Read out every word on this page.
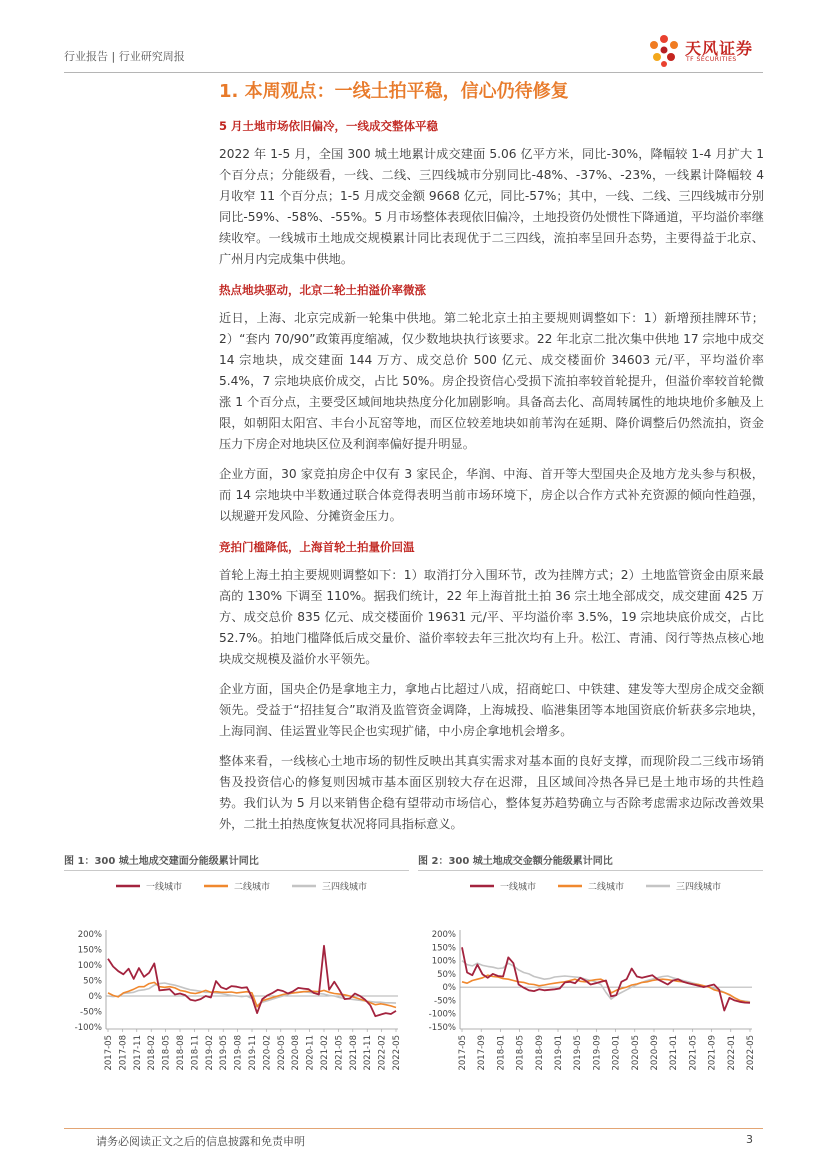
行业报告 | 行业研究周报	天风证券
TF SECURITIES
1. 本周观点：一线土拍平稳，信心仍待修复
5 月土地市场依旧偏冷，一线成交整体平稳

2022 年 1-5 月，全国 300 城土地累计成交建面 5.06 亿平方米，同比-30%，降幅较 1-4 月扩大 1 个百分点；分能级看，一线、二线、三四线城市分别同比-48%、-37%、-23%，一线累计降幅较 4 月收窄 11 个百分点；1-5 月成交金额 9668 亿元，同比-57%；其中，一线、二线、三四线城市分别同比-59%、-58%、-55%。5 月市场整体表现依旧偏冷，土地投资仍处惯性下降通道，平均溢价率继续收窄。一线城市土地成交规模累计同比表现优于二三四线，流拍率呈回升态势，主要得益于北京、广州月内完成集中供地。

热点地块驱动，北京二轮土拍溢价率微涨

近日，上海、北京完成新一轮集中供地。第二轮北京土拍主要规则调整如下：1）新增预挂牌环节；2）“套内 70/90”政策再度缩减，仅少数地块执行该要求。22 年北京二批次集中供地 17 宗地中成交 14 宗地块，成交建面 144 万方、成交总价 500 亿元、成交楼面价 34603 元/平，平均溢价率 5.4%，7 宗地块底价成交，占比 50%。房企投资信心受损下流拍率较首轮提升，但溢价率较首轮微涨 1 个百分点，主要受区域间地块热度分化加剧影响。具备高去化、高周转属性的地块地价多触及上限，如朝阳太阳宫、丰台小瓦窑等地，而区位较差地块如前苇沟在延期、降价调整后仍然流拍，资金压力下房企对地块区位及利润率偏好提升明显。

企业方面，30 家竞拍房企中仅有 3 家民企，华润、中海、首开等大型国央企及地方龙头参与积极，而 14 宗地块中半数通过联合体竞得表明当前市场环境下，房企以合作方式补充资源的倾向性趋强，以规避开发风险、分摊资金压力。

竞拍门槛降低，上海首轮土拍量价回温

首轮上海土拍主要规则调整如下：1）取消打分入围环节，改为挂牌方式；2）土地监管资金由原来最高的 130% 下调至 110%。据我们统计，22 年上海首批土拍 36 宗土地全部成交，成交建面 425 万方、成交总价 835 亿元、成交楼面价 19631 元/平、平均溢价率 3.5%，19 宗地块底价成交，占比 52.7%。拍地门槛降低后成交量价、溢价率较去年三批次均有上升。松江、青浦、闵行等热点核心地块成交规模及溢价水平领先。

企业方面，国央企仍是拿地主力，拿地占比超过八成，招商蛇口、中铁建、建发等大型房企成交金额领先。受益于“招挂复合”取消及监管资金调降，上海城投、临港集团等本地国资底价斩获多宗地块，上海同润、佳运置业等民企也实现扩储，中小房企拿地机会增多。

整体来看，一线核心土地市场的韧性反映出其真实需求对基本面的良好支撑，而现阶段二三线市场销售及投资信心的修复则因城市基本面区别较大存在迟滞，且区域间冷热各异已是土地市场的共性趋势。我们认为 5 月以来销售企稳有望带动市场信心，整体复苏趋势确立与否除考虑需求边际改善效果外，二批土拍热度恢复状况将同具指标意义。

图 1：300 城土地成交建面分能级累计同比
一线城市	二线城市	三四线城市
200%
150%
100%
50%
0%
-50%
-100%
2017-05 2017-08 2017-11 2018-02 2018-05 2018-08 2018-11 2019-02 2019-05 2019-08 2019-11 2020-02 2020-05 2020-08 2020-11 2021-02 2021-05 2021-08 2021-11 2022-02 2022-05
图 2：300 城土地成交金额分能级累计同比
一线城市	二线城市	三四线城市
200%
150%
100%
50%
0%
-50%
-100%
-150%
2017-05 2017-09 2018-01 2018-05 2018-09 2019-01 2019-05 2019-09 2020-01 2020-05 2020-09 2021-01 2021-05 2021-09 2022-01 2022-05
请务必阅读正文之后的信息披露和免责申明	3
